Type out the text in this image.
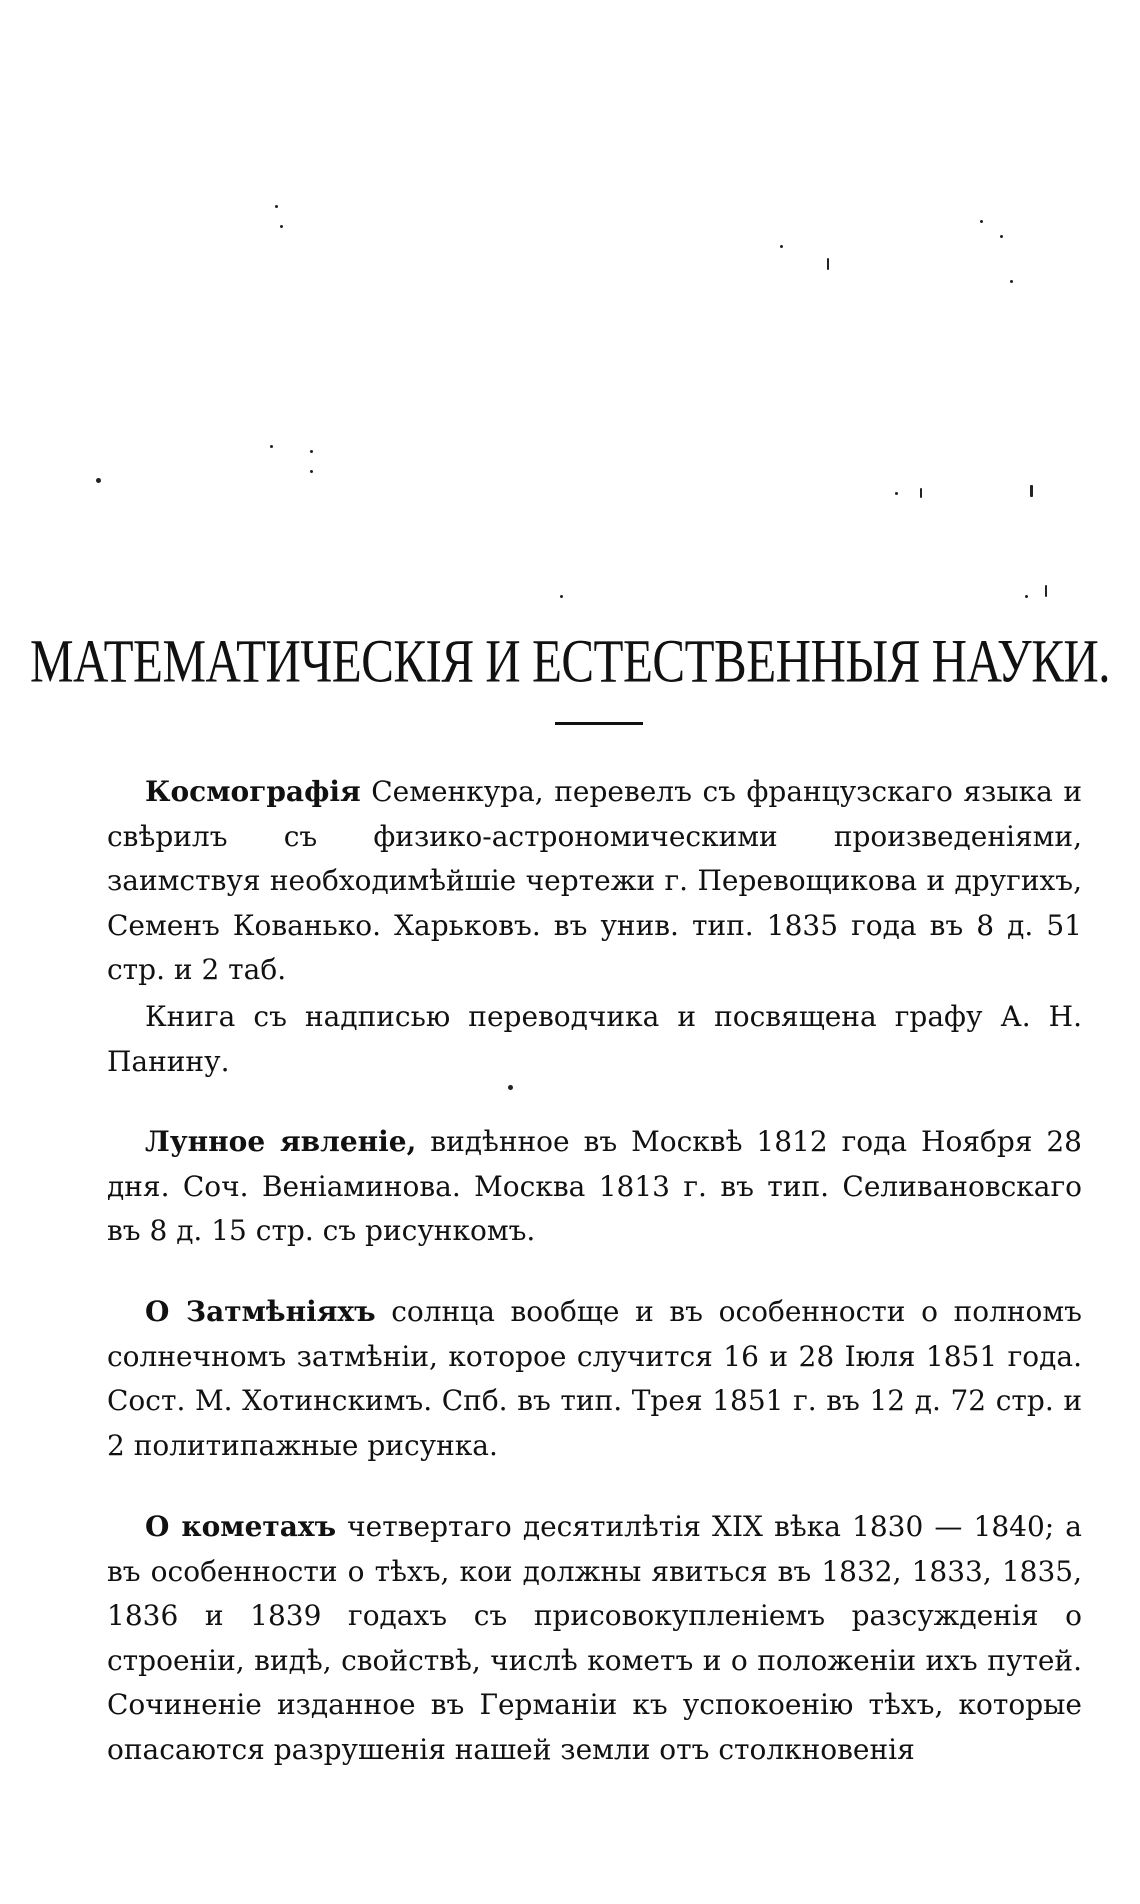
МАТЕМАТИЧЕСКІЯ И ЕСТЕСТВЕННЫЯ НАУКИ.

Космографія Семенкура, перевелъ съ французскаго языка и свѣрилъ съ физико-астрономическими произведеніями, заимствуя необходимѣйшіе чертежи г. Перевощикова и другихъ, Семенъ Кованько. Харьковъ. въ унив. тип. 1835 года въ 8 д. 51 стр. и 2 таб.

Книга съ надписью переводчика и посвящена графу А. Н. Панину.

Лунное явленіе, видѣнное въ Москвѣ 1812 года Ноября 28 дня. Соч. Веніаминова. Москва 1813 г. въ тип. Селивановскаго въ 8 д. 15 стр. съ рисункомъ.

О Затмѣніяхъ солнца вообще и въ особенности о полномъ солнечномъ затмѣніи, которое случится 16 и 28 Іюля 1851 года. Сост. М. Хотинскимъ. Спб. въ тип. Трея 1851 г. въ 12 д. 72 стр. и 2 политипажные рисунка.

О кометахъ четвертаго десятилѣтія XIX вѣка 1830 — 1840; а въ особенности о тѣхъ, кои должны явиться въ 1832, 1833, 1835, 1836 и 1839 годахъ съ присовокупленіемъ разсужденія о строеніи, видѣ, свойствѣ, числѣ кометъ и о положеніи ихъ путей. Сочиненіе изданное въ Германіи къ успокоенію тѣхъ, которые опасаются разрушенія нашей земли отъ столкновенія
